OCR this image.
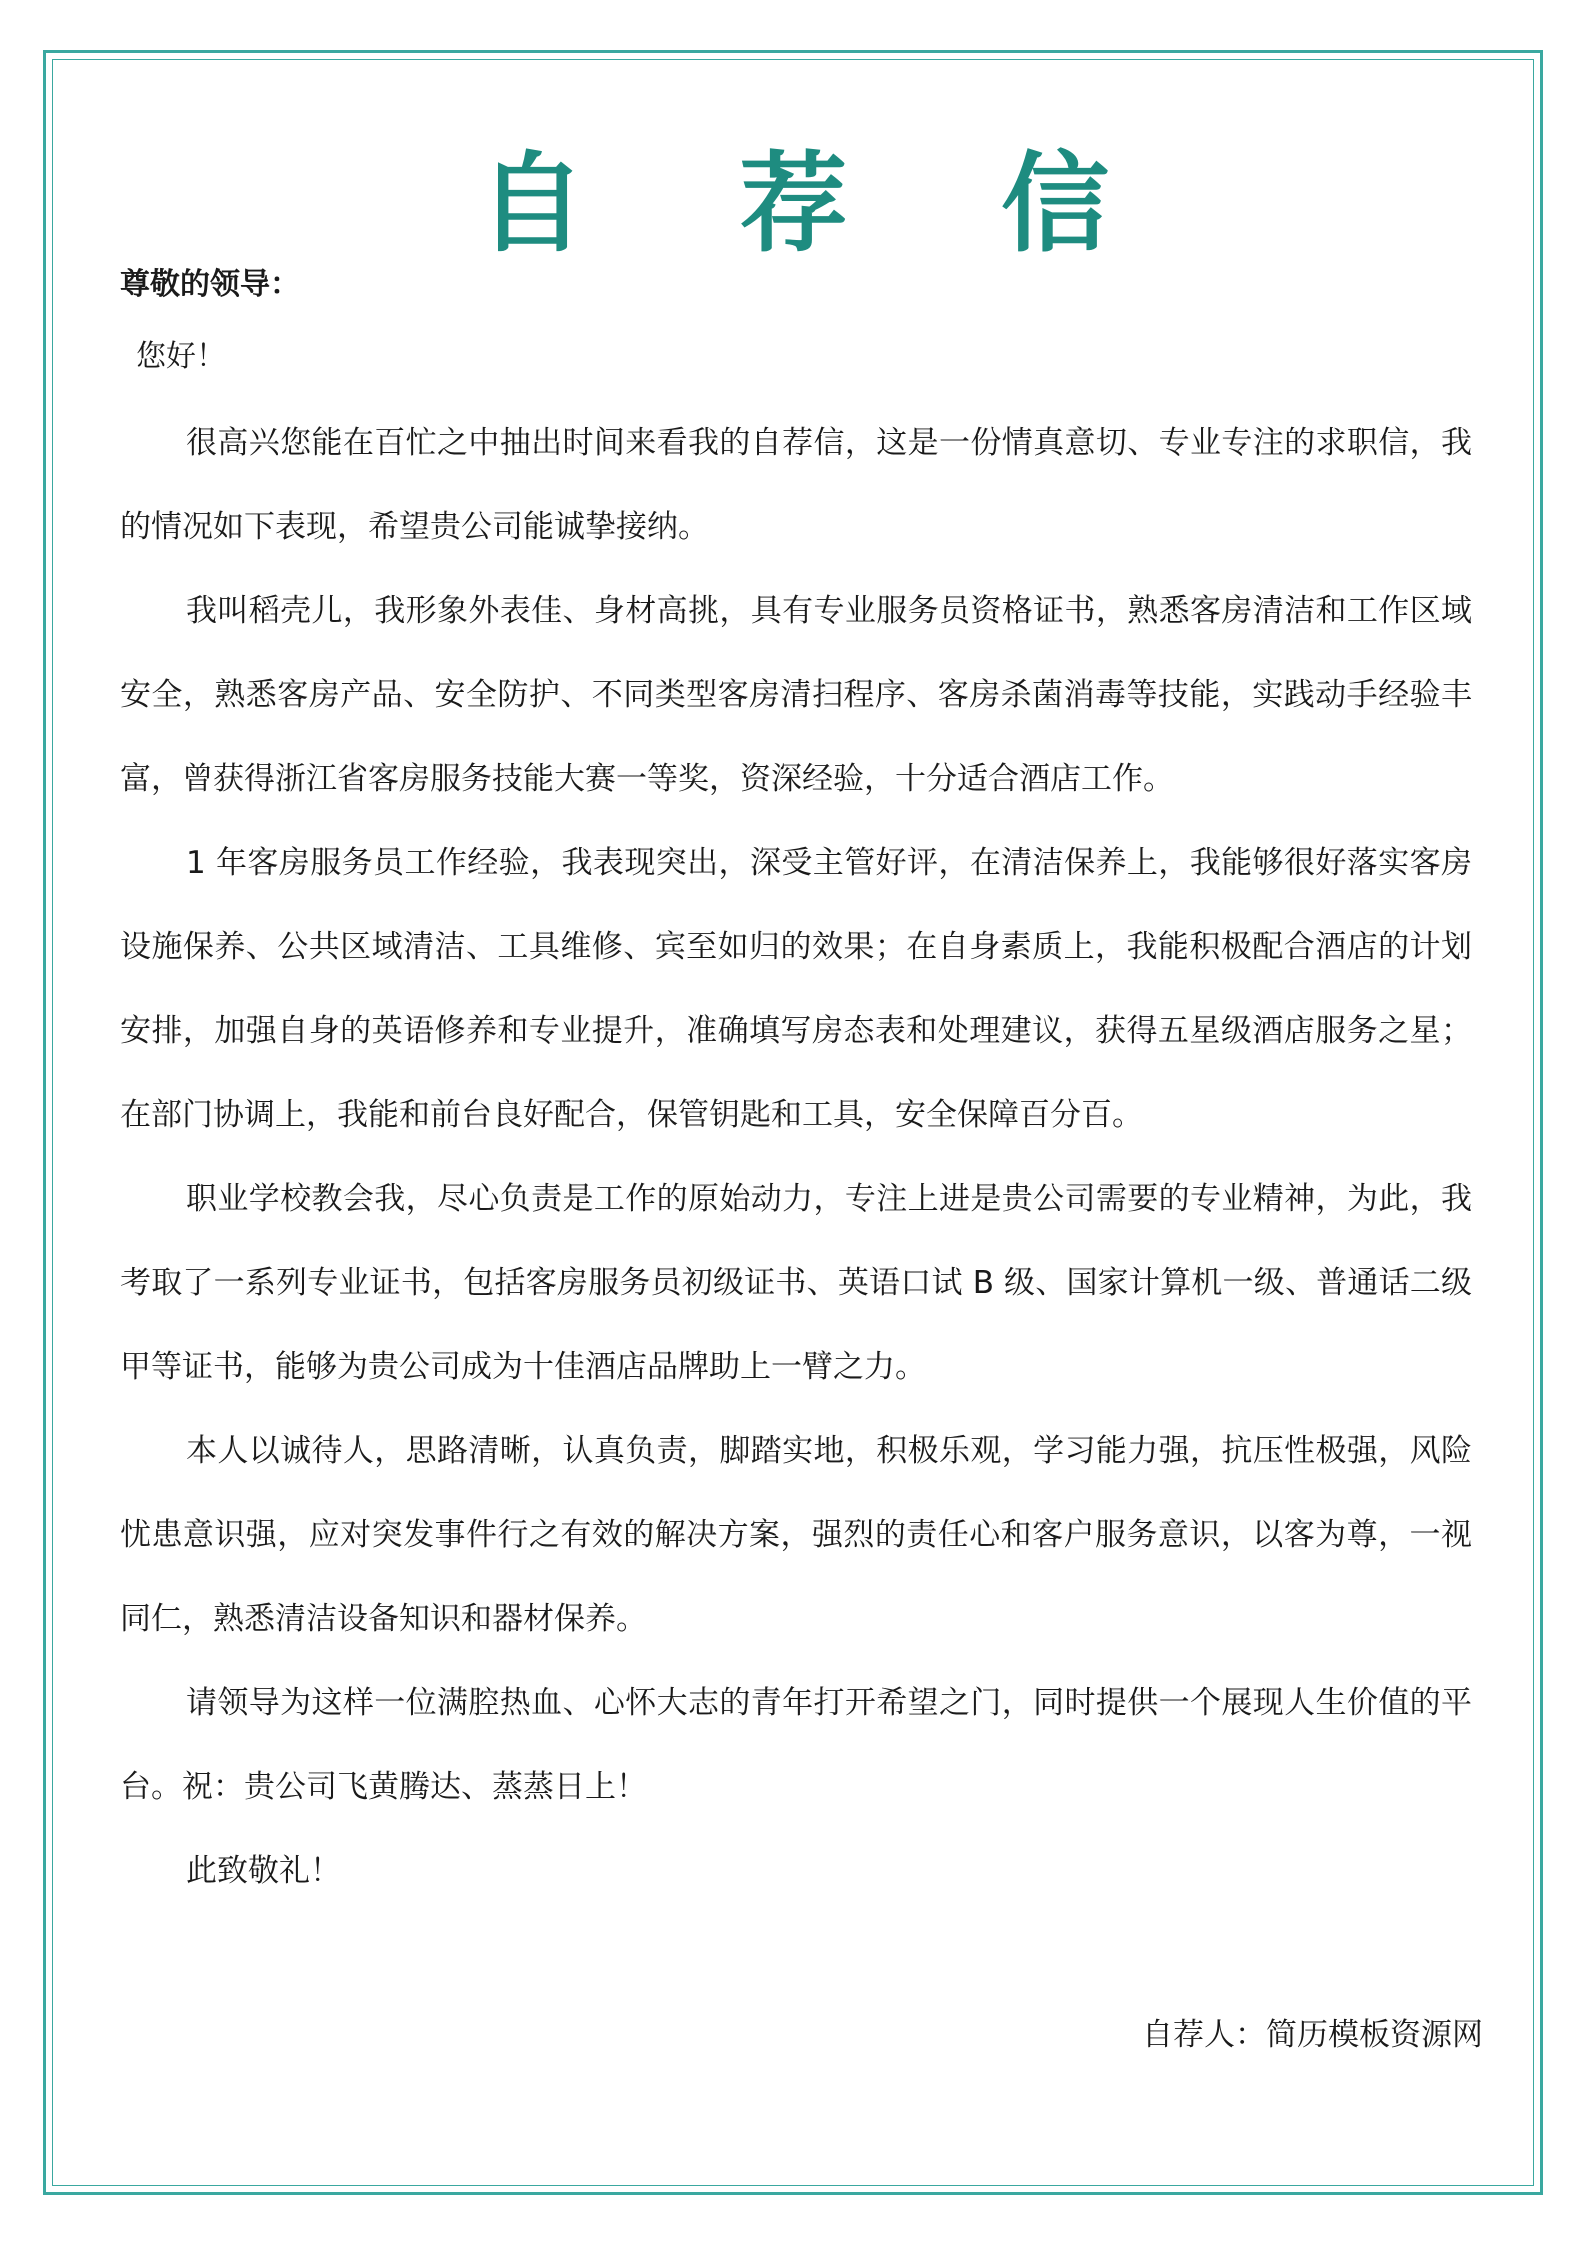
自 荐 信

尊敬的领导：

您好！

很高兴您能在百忙之中抽出时间来看我的自荐信，这是一份情真意切、专业专注的求职信，我的情况如下表现，希望贵公司能诚挚接纳。

我叫稻壳儿，我形象外表佳、身材高挑，具有专业服务员资格证书，熟悉客房清洁和工作区域安全，熟悉客房产品、安全防护、不同类型客房清扫程序、客房杀菌消毒等技能，实践动手经验丰富，曾获得浙江省客房服务技能大赛一等奖，资深经验，十分适合酒店工作。

1 年客房服务员工作经验，我表现突出，深受主管好评，在清洁保养上，我能够很好落实客房设施保养、公共区域清洁、工具维修、宾至如归的效果；在自身素质上，我能积极配合酒店的计划安排，加强自身的英语修养和专业提升，准确填写房态表和处理建议，获得五星级酒店服务之星；在部门协调上，我能和前台良好配合，保管钥匙和工具，安全保障百分百。

职业学校教会我，尽心负责是工作的原始动力，专注上进是贵公司需要的专业精神，为此，我考取了一系列专业证书，包括客房服务员初级证书、英语口试 B 级、国家计算机一级、普通话二级甲等证书，能够为贵公司成为十佳酒店品牌助上一臂之力。

本人以诚待人，思路清晰，认真负责，脚踏实地，积极乐观，学习能力强，抗压性极强，风险忧患意识强，应对突发事件行之有效的解决方案，强烈的责任心和客户服务意识，以客为尊，一视同仁，熟悉清洁设备知识和器材保养。

请领导为这样一位满腔热血、心怀大志的青年打开希望之门，同时提供一个展现人生价值的平台。祝：贵公司飞黄腾达、蒸蒸日上！

此致敬礼！

自荐人：简历模板资源网
